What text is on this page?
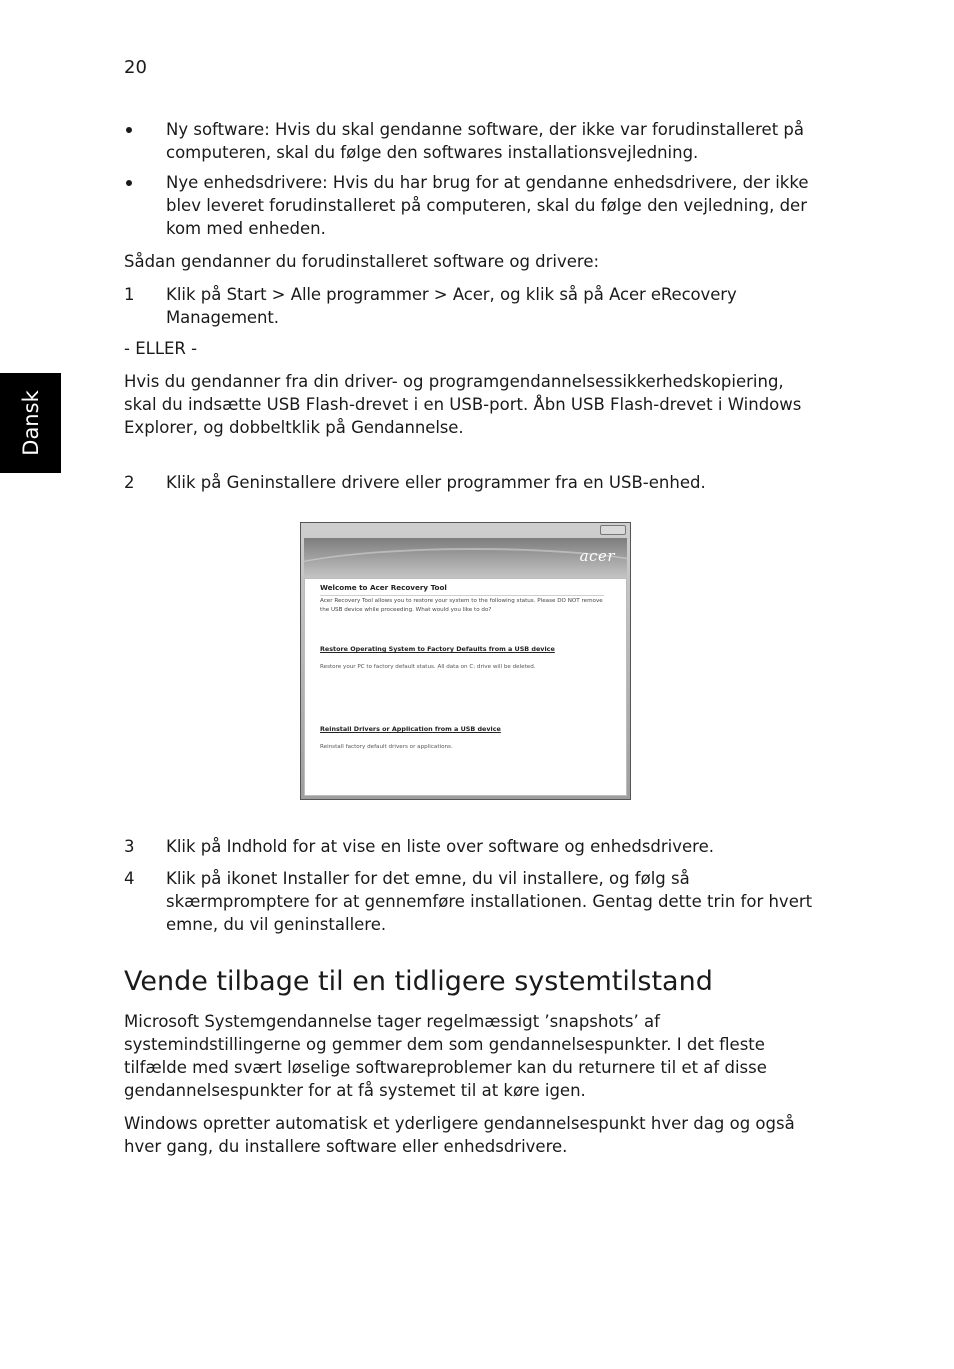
20
Dansk
Ny software: Hvis du skal gendanne software, der ikke var forudinstalleret på computeren, skal du følge den softwares installationsvejledning.
Nye enhedsdrivere: Hvis du har brug for at gendanne enhedsdrivere, der ikke blev leveret forudinstalleret på computeren, skal du følge den vejledning, der kom med enheden.
Sådan gendanner du forudinstalleret software og drivere:
1 Klik på Start > Alle programmer > Acer, og klik så på Acer eRecovery Management.
- ELLER -
Hvis du gendanner fra din driver- og programgendannelsessikkerhedskopiering, skal du indsætte USB Flash-drevet i en USB-port. Åbn USB Flash-drevet i Windows Explorer, og dobbeltklik på Gendannelse.
2 Klik på Geninstallere drivere eller programmer fra en USB-enhed.
acer
Welcome to Acer Recovery Tool
Acer Recovery Tool allows you to restore your system to the following status. Please DO NOT remove the USB device while proceeding. What would you like to do?
Restore Operating System to Factory Defaults from a USB device
Restore your PC to factory default status. All data on C: drive will be deleted.
Reinstall Drivers or Application from a USB device
Reinstall factory default drivers or applications.
3 Klik på Indhold for at vise en liste over software og enhedsdrivere.
4 Klik på ikonet Installer for det emne, du vil installere, og følg så skærmpromptere for at gennemføre installationen. Gentag dette trin for hvert emne, du vil geninstallere.
Vende tilbage til en tidligere systemtilstand
Microsoft Systemgendannelse tager regelmæssigt ’snapshots’ af systemindstillingerne og gemmer dem som gendannelsespunkter. I det fleste tilfælde med svært løselige softwareproblemer kan du returnere til et af disse gendannelsespunkter for at få systemet til at køre igen.
Windows opretter automatisk et yderligere gendannelsespunkt hver dag og også hver gang, du installere software eller enhedsdrivere.
